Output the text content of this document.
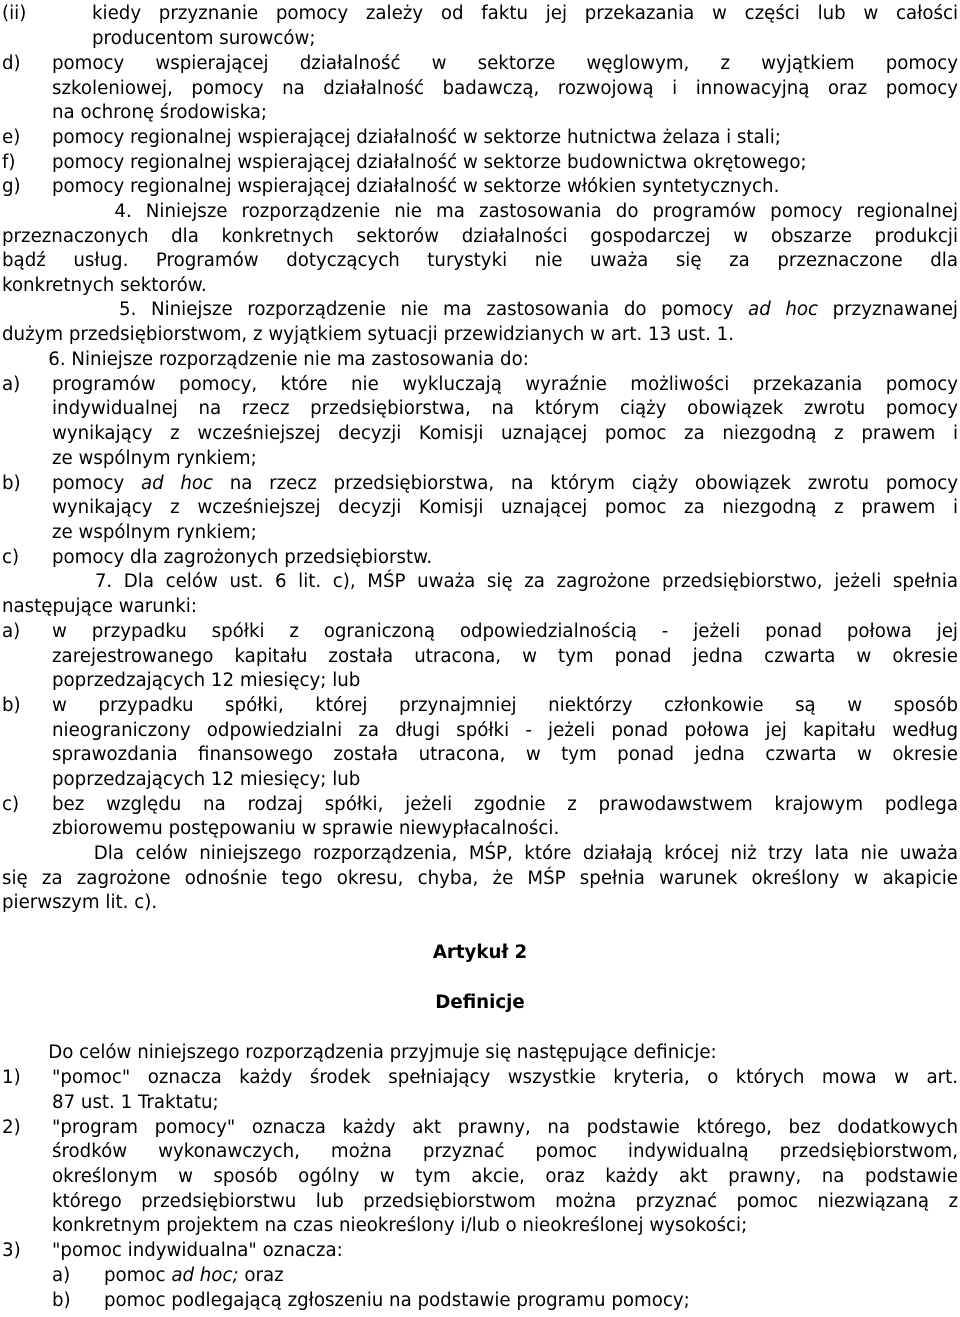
Artykuł 2
Definicje
(ii)	kiedy przyznanie pomocy zależy od faktu jej przekazania w części lub w całości
producentom surowców;
d) pomocy wspierającej działalność w sektorze węglowym, z wyjątkiem pomocy
szkoleniowej, pomocy na działalność badawczą, rozwojową i innowacyjną oraz pomocy
na ochronę środowiska;
e) pomocy regionalnej wspierającej działalność w sektorze hutnictwa żelaza i stali;
f) pomocy regionalnej wspierającej działalność w sektorze budownictwa okrętowego;
g) pomocy regionalnej wspierającej działalność w sektorze włókien syntetycznych.
4. Niniejsze rozporządzenie nie ma zastosowania do programów pomocy regionalnej
przeznaczonych dla konkretnych sektorów działalności gospodarczej w obszarze produkcji
bądź usług. Programów dotyczących turystyki nie uważa się za przeznaczone dla
konkretnych sektorów.
5. Niniejsze rozporządzenie nie ma zastosowania do pomocy ad hoc przyznawanej
dużym przedsiębiorstwom, z wyjątkiem sytuacji przewidzianych w art. 13 ust. 1.
6. Niniejsze rozporządzenie nie ma zastosowania do:
a) programów pomocy, które nie wykluczają wyraźnie możliwości przekazania pomocy
indywidualnej na rzecz przedsiębiorstwa, na którym ciąży obowiązek zwrotu pomocy
wynikający z wcześniejszej decyzji Komisji uznającej pomoc za niezgodną z prawem i
ze wspólnym rynkiem;
b) pomocy ad hoc na rzecz przedsiębiorstwa, na którym ciąży obowiązek zwrotu pomocy
wynikający z wcześniejszej decyzji Komisji uznającej pomoc za niezgodną z prawem i
ze wspólnym rynkiem;
c) pomocy dla zagrożonych przedsiębiorstw.
7. Dla celów ust. 6 lit. c), MŚP uważa się za zagrożone przedsiębiorstwo, jeżeli spełnia
następujące warunki:
a) w przypadku spółki z ograniczoną odpowiedzialnością - jeżeli ponad połowa jej
zarejestrowanego kapitału została utracona, w tym ponad jedna czwarta w okresie
poprzedzających 12 miesięcy; lub
b) w przypadku spółki, której przynajmniej niektórzy członkowie są w sposób
nieograniczony odpowiedzialni za długi spółki - jeżeli ponad połowa jej kapitału według
sprawozdania finansowego została utracona, w tym ponad jedna czwarta w okresie
poprzedzających 12 miesięcy; lub
c) bez względu na rodzaj spółki, jeżeli zgodnie z prawodawstwem krajowym podlega
zbiorowemu postępowaniu w sprawie niewypłacalności.
Dla celów niniejszego rozporządzenia, MŚP, które działają krócej niż trzy lata nie uważa
się za zagrożone odnośnie tego okresu, chyba, że MŚP spełnia warunek określony w akapicie
pierwszym lit. c).
Do celów niniejszego rozporządzenia przyjmuje się następujące definicje:
1) "pomoc" oznacza każdy środek spełniający wszystkie kryteria, o których mowa w art.
87 ust. 1 Traktatu;
2) "program pomocy" oznacza każdy akt prawny, na podstawie którego, bez dodatkowych
środków wykonawczych, można przyznać pomoc indywidualną przedsiębiorstwom,
określonym w sposób ogólny w tym akcie, oraz każdy akt prawny, na podstawie
którego przedsiębiorstwu lub przedsiębiorstwom można przyznać pomoc niezwiązaną z
konkretnym projektem na czas nieokreślony i/lub o nieokreślonej wysokości;
3) "pomoc indywidualna" oznacza:
a) pomoc ad hoc; oraz
b) pomoc podlegającą zgłoszeniu na podstawie programu pomocy;
